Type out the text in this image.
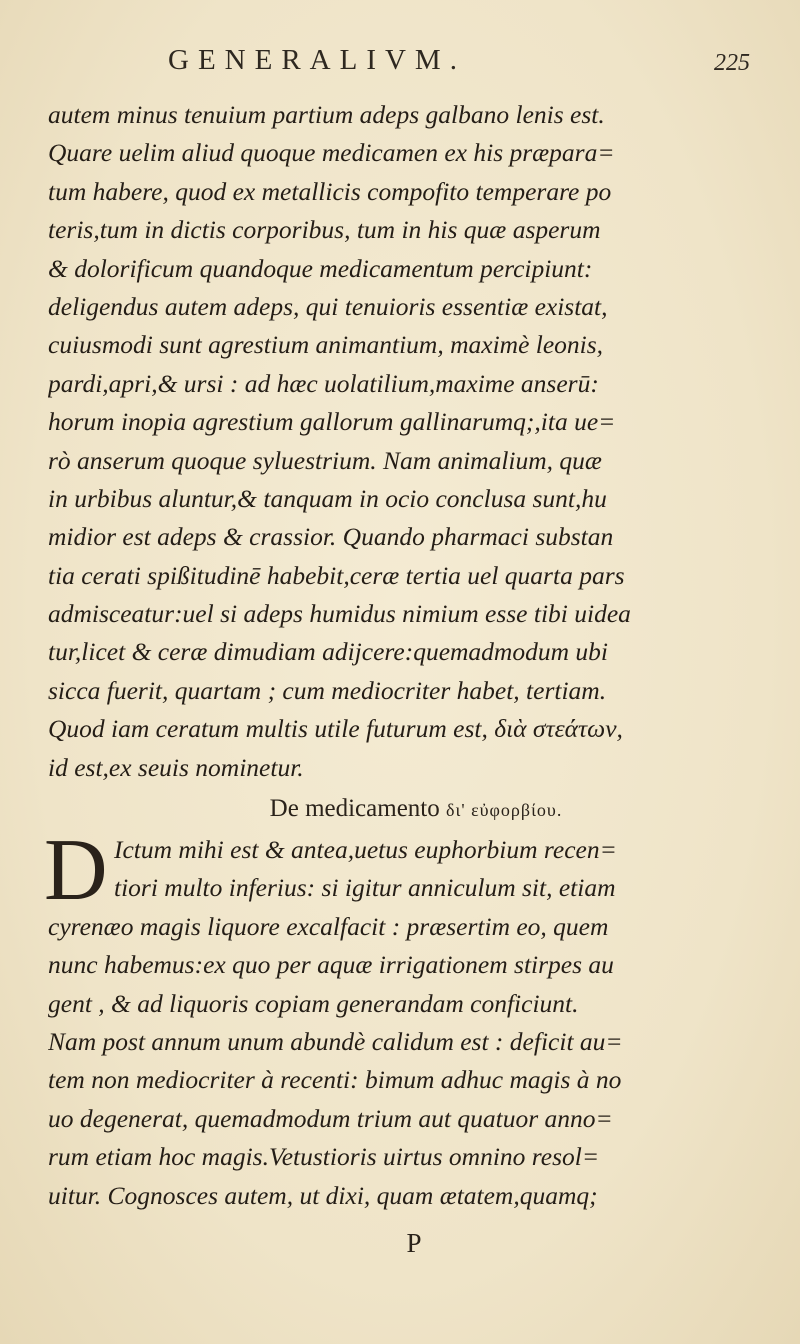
GENERALIVM.	225
autem minus tenuium partium adeps galbano lenis est.
Quare uelim aliud quoque medicamen ex his præpara=
tum habere, quod ex metallicis compofito temperare po
teris,tum in dictis corporibus, tum in his quæ asperum
& dolorificum quandoque medicamentum percipiunt:
deligendus autem adeps, qui tenuioris essentiæ existat,
cuiusmodi sunt agrestium animantium, maximè leonis,
pardi,apri,& ursi : ad hæc uolatilium,maxime anserū:
horum inopia agrestium gallorum gallinarumq;,ita ue=
rò anserum quoque syluestrium. Nam animalium, quæ
in urbibus aluntur,& tanquam in ocio conclusa sunt,hu
midior est adeps & crassior. Quando pharmaci substan
tia cerati spißitudinē habebit,ceræ tertia uel quarta pars
admisceatur:uel si adeps humidus nimium esse tibi uidea
tur,licet & ceræ dimudiam adijcere:quemadmodum ubi
sicca fuerit, quartam ; cum mediocriter habet, tertiam.
Quod iam ceratum multis utile futurum est, διὰ στεάτων,
id est,ex seuis nominetur.
De medicamento δι' εὐφορβίου.
D Ictum mihi est & antea,uetus euphorbium recen=
tiori multo inferius: si igitur anniculum sit, etiam
cyrenæo magis liquore excalfacit : præsertim eo, quem
nunc habemus:ex quo per aquæ irrigationem stirpes au
gent , & ad liquoris copiam generandam conficiunt.
Nam post annum unum abundè calidum est : deficit au=
tem non mediocriter à recenti: bimum adhuc magis à no
uo degenerat, quemadmodum trium aut quatuor anno=
rum etiam hoc magis.Vetustioris uirtus omnino resol=
uitur. Cognosces autem, ut dixi, quam ætatem,quamq;
P
